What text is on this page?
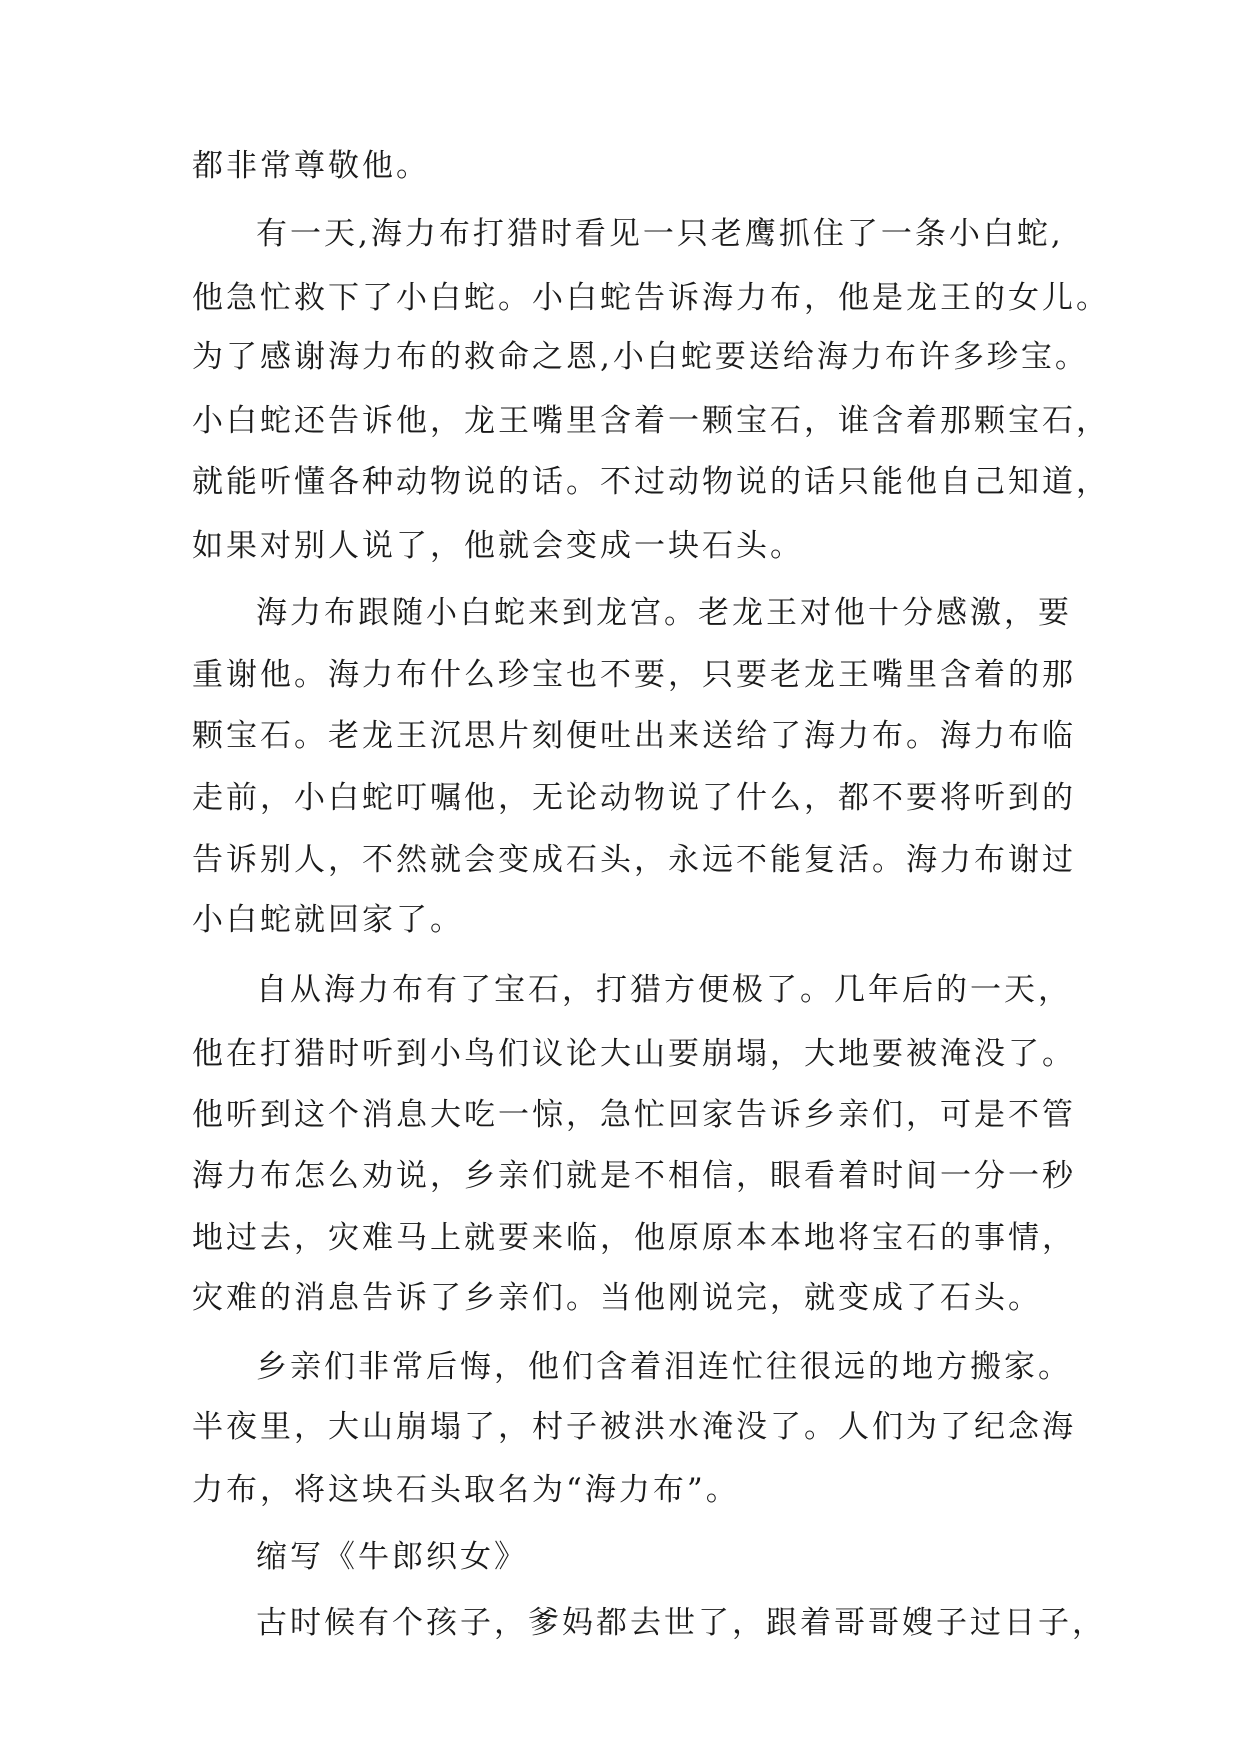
都非常尊敬他。
有一天,海力布打猎时看见一只老鹰抓住了一条小白蛇,
他急忙救下了小白蛇。小白蛇告诉海力布，他是龙王的女儿。
为了感谢海力布的救命之恩,小白蛇要送给海力布许多珍宝。
小白蛇还告诉他，龙王嘴里含着一颗宝石，谁含着那颗宝石，
就能听懂各种动物说的话。不过动物说的话只能他自己知道，
如果对别人说了，他就会变成一块石头。
海力布跟随小白蛇来到龙宫。老龙王对他十分感激，要
重谢他。海力布什么珍宝也不要，只要老龙王嘴里含着的那
颗宝石。老龙王沉思片刻便吐出来送给了海力布。海力布临
走前，小白蛇叮嘱他，无论动物说了什么，都不要将听到的
告诉别人，不然就会变成石头，永远不能复活。海力布谢过
小白蛇就回家了。
自从海力布有了宝石，打猎方便极了。几年后的一天，
他在打猎时听到小鸟们议论大山要崩塌，大地要被淹没了。
他听到这个消息大吃一惊，急忙回家告诉乡亲们，可是不管
海力布怎么劝说，乡亲们就是不相信，眼看着时间一分一秒
地过去，灾难马上就要来临，他原原本本地将宝石的事情，
灾难的消息告诉了乡亲们。当他刚说完，就变成了石头。
乡亲们非常后悔，他们含着泪连忙往很远的地方搬家。
半夜里，大山崩塌了，村子被洪水淹没了。人们为了纪念海
力布，将这块石头取名为“海力布”。
缩写《牛郎织女》
古时候有个孩子，爹妈都去世了，跟着哥哥嫂子过日子，
